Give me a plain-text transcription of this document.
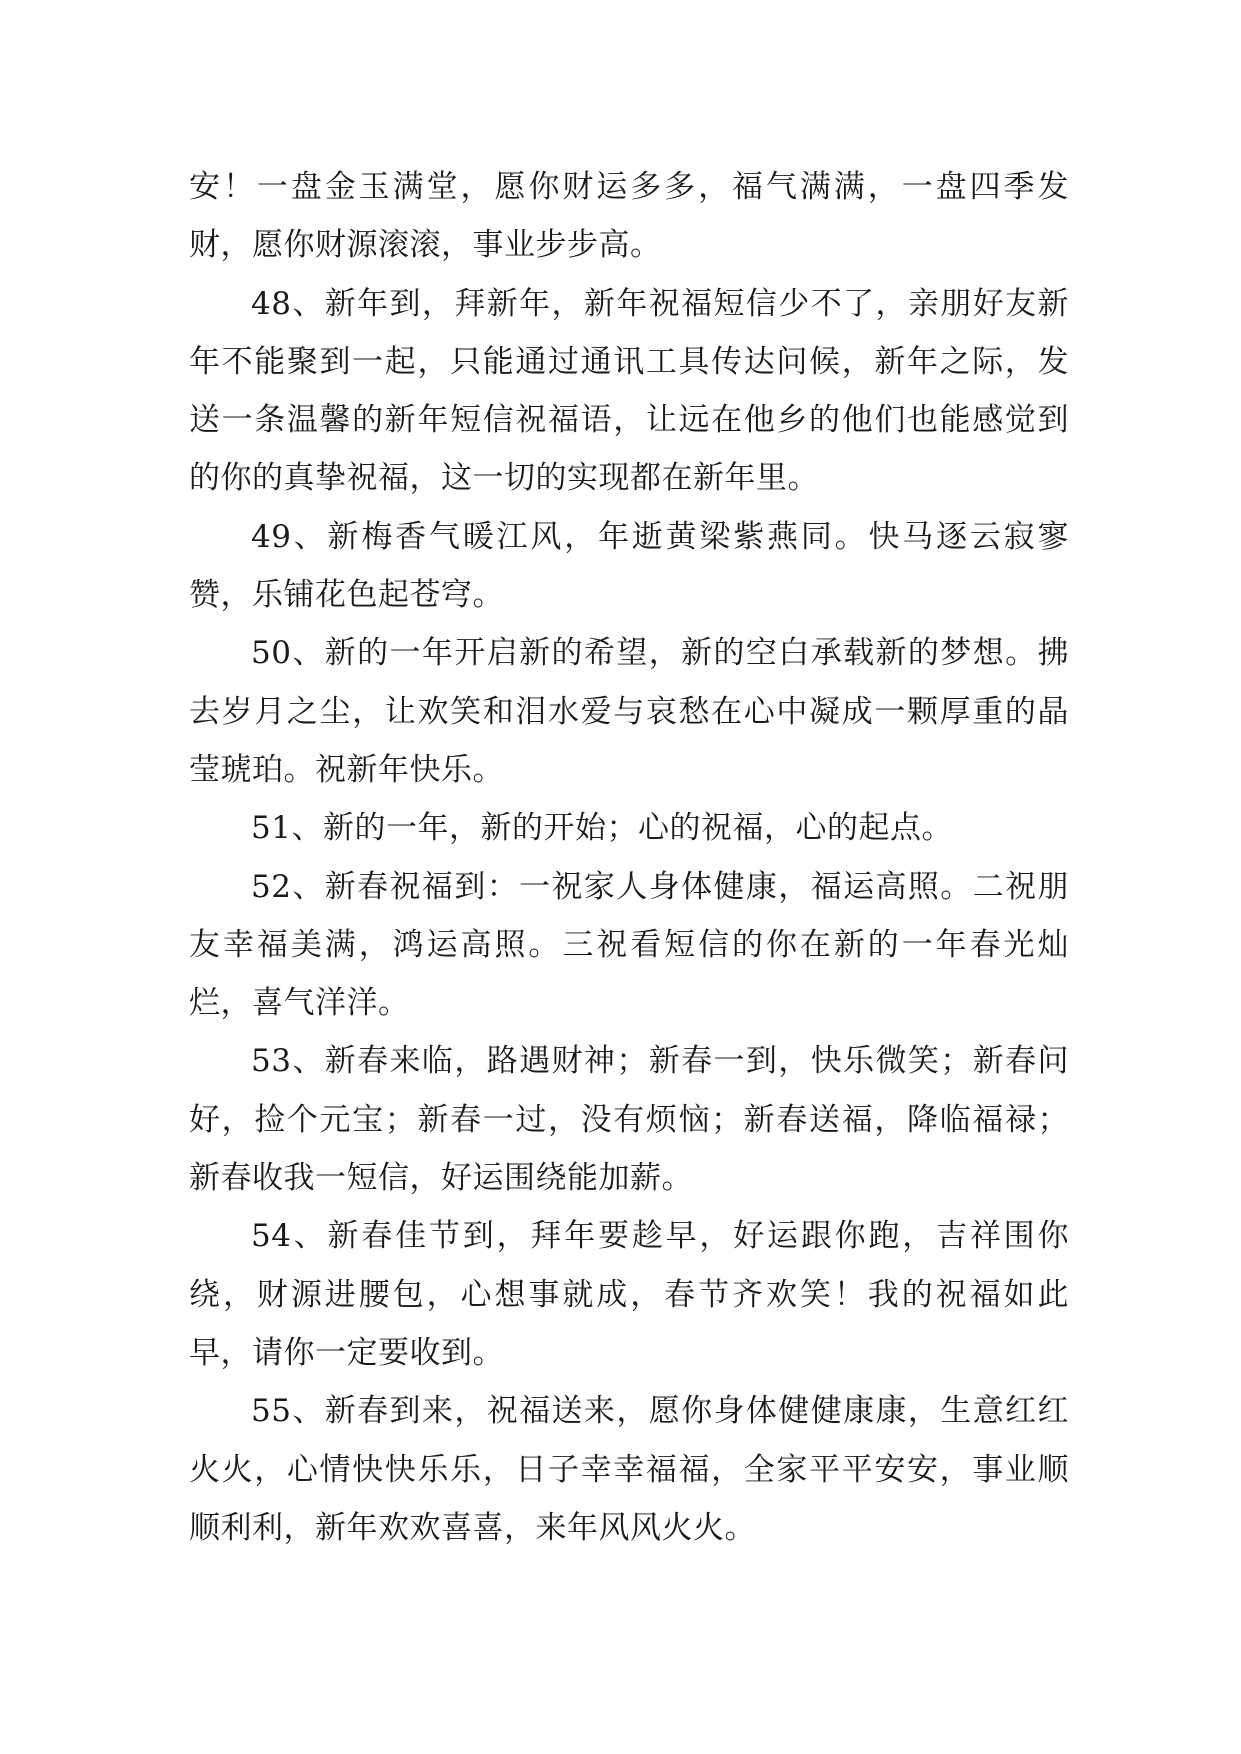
安！一盘金玉满堂，愿你财运多多，福气满满，一盘四季发财，愿你财源滚滚，事业步步高。

48、新年到，拜新年，新年祝福短信少不了，亲朋好友新年不能聚到一起，只能通过通讯工具传达问候，新年之际，发送一条温馨的新年短信祝福语，让远在他乡的他们也能感觉到的你的真挚祝福，这一切的实现都在新年里。

49、新梅香气暖江风，年逝黄梁紫燕同。快马逐云寂寥赞，乐铺花色起苍穹。

50、新的一年开启新的希望，新的空白承载新的梦想。拂去岁月之尘，让欢笑和泪水爱与哀愁在心中凝成一颗厚重的晶莹琥珀。祝新年快乐。

51、新的一年，新的开始；心的祝福，心的起点。

52、新春祝福到：一祝家人身体健康，福运高照。二祝朋友幸福美满，鸿运高照。三祝看短信的你在新的一年春光灿烂，喜气洋洋。

53、新春来临，路遇财神；新春一到，快乐微笑；新春问好，捡个元宝；新春一过，没有烦恼；新春送福，降临福禄；新春收我一短信，好运围绕能加薪。

54、新春佳节到，拜年要趁早，好运跟你跑，吉祥围你绕，财源进腰包，心想事就成，春节齐欢笑！我的祝福如此早，请你一定要收到。

55、新春到来，祝福送来，愿你身体健健康康，生意红红火火，心情快快乐乐，日子幸幸福福，全家平平安安，事业顺顺利利，新年欢欢喜喜，来年风风火火。
